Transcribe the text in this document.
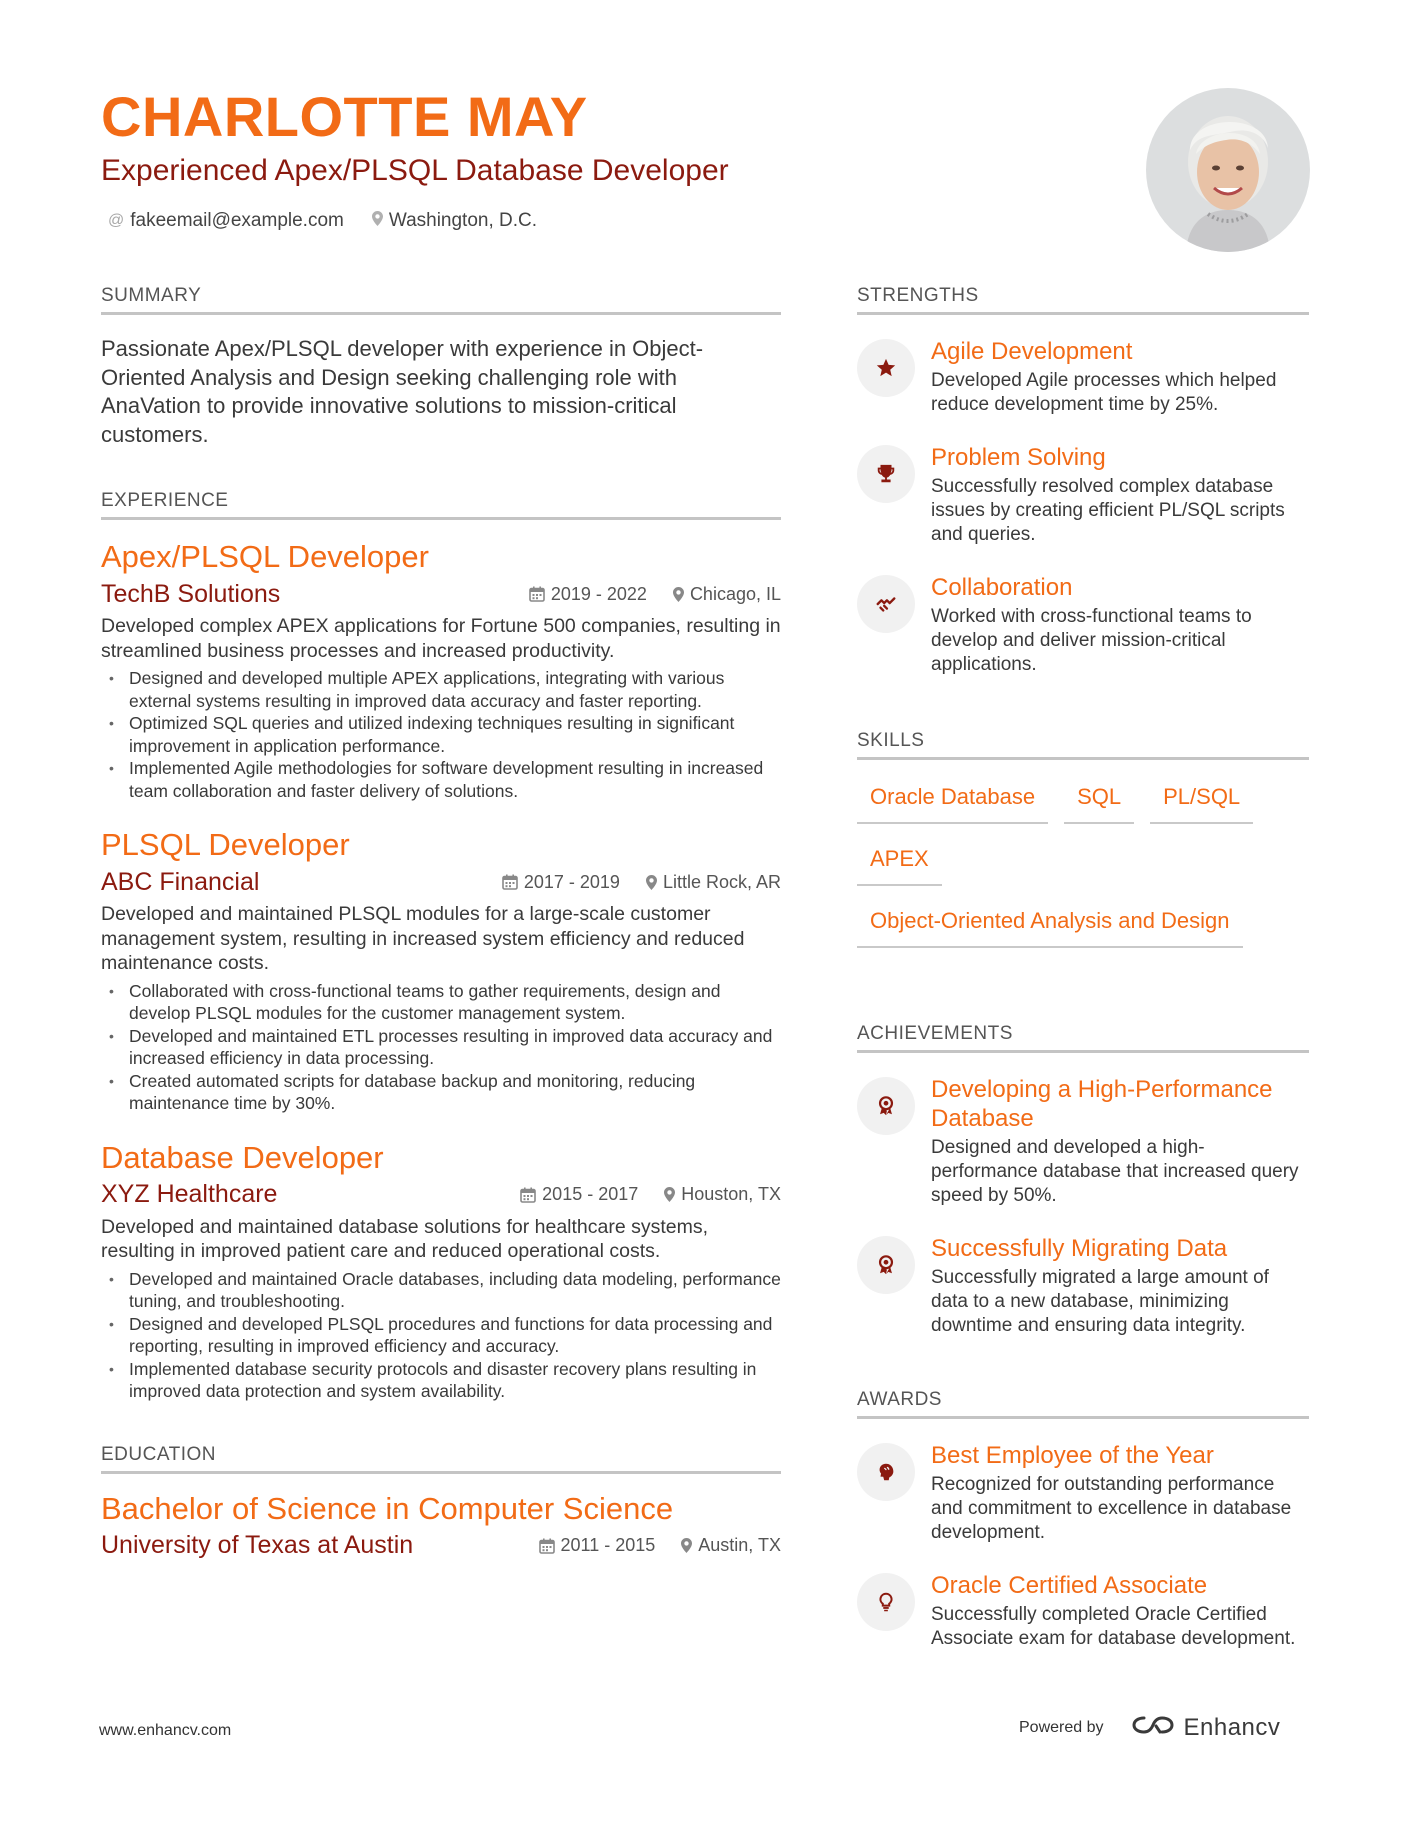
CHARLOTTE MAY
Experienced Apex/PLSQL Database Developer
@ fakeemail@example.com Washington, D.C.
SUMMARY
Passionate Apex/PLSQL developer with experience in Object-Oriented Analysis and Design seeking challenging role with AnaVation to provide innovative solutions to mission-critical customers.
EXPERIENCE
Apex/PLSQL Developer
TechB Solutions	2019 - 2022 Chicago, IL
Developed complex APEX applications for Fortune 500 companies, resulting in streamlined business processes and increased productivity.
• Designed and developed multiple APEX applications, integrating with various external systems resulting in improved data accuracy and faster reporting.
• Optimized SQL queries and utilized indexing techniques resulting in significant improvement in application performance.
• Implemented Agile methodologies for software development resulting in increased team collaboration and faster delivery of solutions.
PLSQL Developer
ABC Financial	2017 - 2019 Little Rock, AR
Developed and maintained PLSQL modules for a large-scale customer management system, resulting in increased system efficiency and reduced maintenance costs.
• Collaborated with cross-functional teams to gather requirements, design and develop PLSQL modules for the customer management system.
• Developed and maintained ETL processes resulting in improved data accuracy and increased efficiency in data processing.
• Created automated scripts for database backup and monitoring, reducing maintenance time by 30%.
Database Developer
XYZ Healthcare	2015 - 2017 Houston, TX
Developed and maintained database solutions for healthcare systems, resulting in improved patient care and reduced operational costs.
• Developed and maintained Oracle databases, including data modeling, performance tuning, and troubleshooting.
• Designed and developed PLSQL procedures and functions for data processing and reporting, resulting in improved efficiency and accuracy.
• Implemented database security protocols and disaster recovery plans resulting in improved data protection and system availability.
EDUCATION
Bachelor of Science in Computer Science
University of Texas at Austin	2011 - 2015 Austin, TX
STRENGTHS
Agile Development
Developed Agile processes which helped reduce development time by 25%.
Problem Solving
Successfully resolved complex database issues by creating efficient PL/SQL scripts and queries.
Collaboration
Worked with cross-functional teams to develop and deliver mission-critical applications.
SKILLS
Oracle Database	SQL	PL/SQL
APEX
Object-Oriented Analysis and Design
ACHIEVEMENTS
Developing a High-Performance Database
Designed and developed a high-performance database that increased query speed by 50%.
Successfully Migrating Data
Successfully migrated a large amount of data to a new database, minimizing downtime and ensuring data integrity.
AWARDS
Best Employee of the Year
Recognized for outstanding performance and commitment to excellence in database development.
Oracle Certified Associate
Successfully completed Oracle Certified Associate exam for database development.
www.enhancv.com	Powered by	Enhancv
